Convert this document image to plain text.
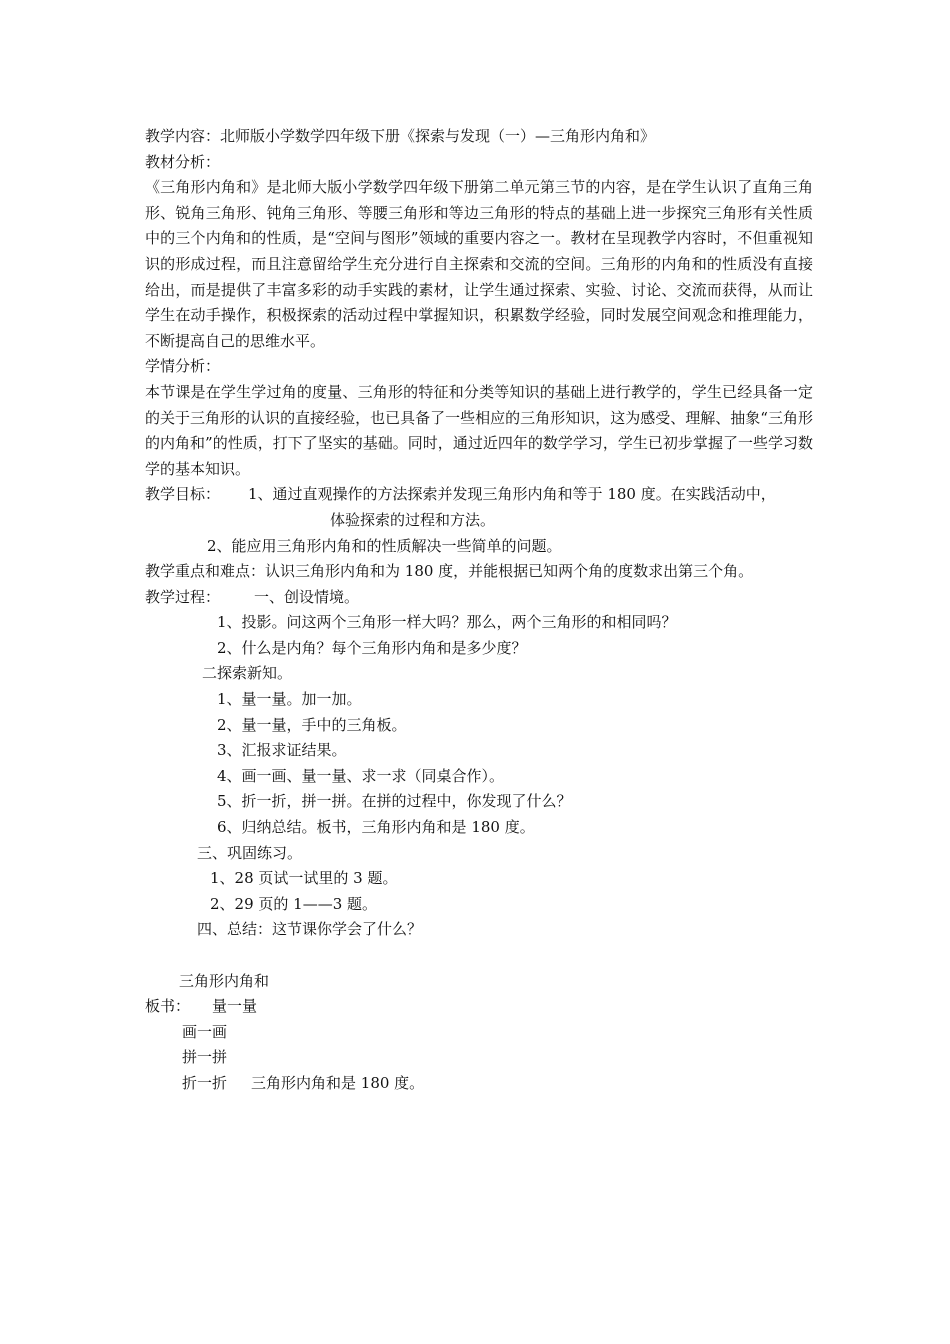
教学内容：北师版小学数学四年级下册《探索与发现（一）—三角形内角和》
教材分析：
《三角形内角和》是北师大版小学数学四年级下册第二单元第三节的内容，是在学生认识了直角三角形、锐角三角形、钝角三角形、等腰三角形和等边三角形的特点的基础上进一步探究三角形有关性质中的三个内角和的性质，是“空间与图形”领域的重要内容之一。教材在呈现教学内容时，不但重视知识的形成过程，而且注意留给学生充分进行自主探索和交流的空间。三角形的内角和的性质没有直接给出，而是提供了丰富多彩的动手实践的素材，让学生通过探索、实验、讨论、交流而获得，从而让学生在动手操作，积极探索的活动过程中掌握知识，积累数学经验，同时发展空间观念和推理能力，不断提高自己的思维水平。
学情分析：
本节课是在学生学过角的度量、三角形的特征和分类等知识的基础上进行教学的，学生已经具备一定的关于三角形的认识的直接经验，也已具备了一些相应的三角形知识，这为感受、理解、抽象“三角形的内角和”的性质，打下了坚实的基础。同时，通过近四年的数学学习，学生已初步掌握了一些学习数学的基本知识。
教学目标： 1、通过直观操作的方法探索并发现三角形内角和等于 180 度。在实践活动中，
体验探索的过程和方法。
2、能应用三角形内角和的性质解决一些简单的问题。
教学重点和难点：认识三角形内角和为 180 度，并能根据已知两个角的度数求出第三个角。
教学过程： 一、创设情境。
1、投影。问这两个三角形一样大吗？那么，两个三角形的和相同吗？
2、什么是内角？每个三角形内角和是多少度？
二探索新知。
1、量一量。加一加。
2、量一量，手中的三角板。
3、汇报求证结果。
4、画一画、量一量、求一求（同桌合作）。
5、折一折，拼一拼。在拼的过程中，你发现了什么？
6、归纳总结。板书，三角形内角和是 180 度。
三、巩固练习。
1、28 页试一试里的 3 题。
2、29 页的 1——3 题。
四、总结：这节课你学会了什么？
三角形内角和
板书： 量一量
画一画
拼一拼
折一折 三角形内角和是 180 度。
